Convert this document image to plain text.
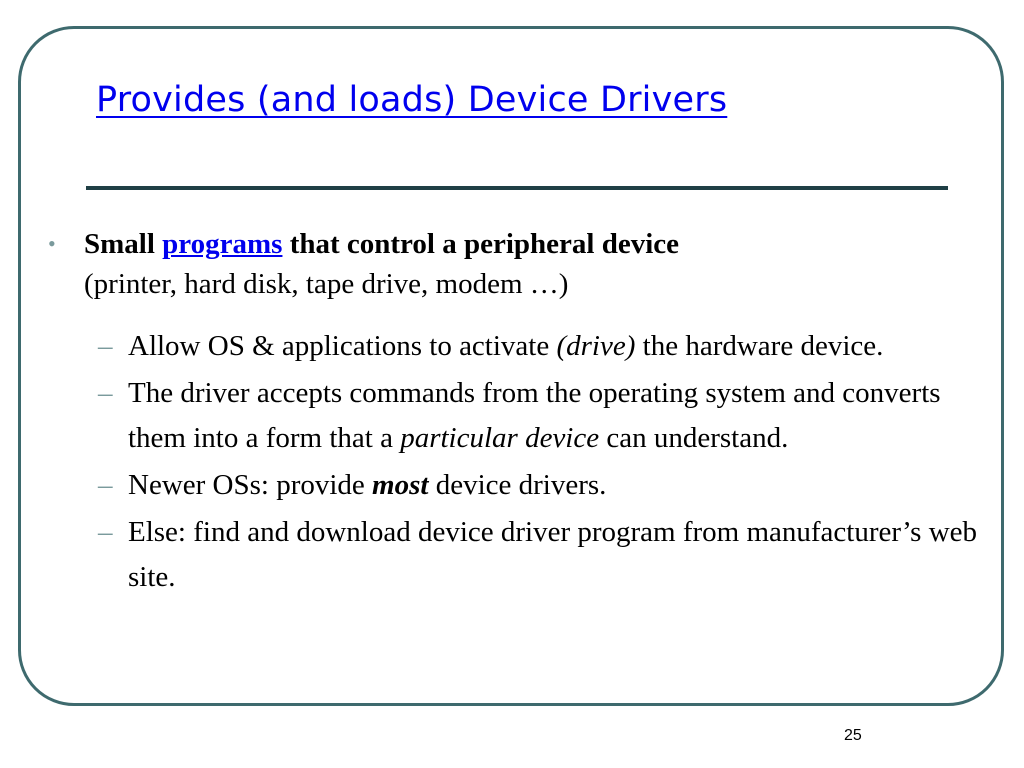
Provides (and loads) Device Drivers
• Small programs that control a peripheral device
(printer, hard disk, tape drive, modem …)
– Allow OS & applications to activate (drive) the hardware device.
– The driver accepts commands from the operating system and converts them into a form that a particular device can understand.
– Newer OSs: provide most device drivers.
– Else: find and download device driver program from manufacturer’s web site.
25
